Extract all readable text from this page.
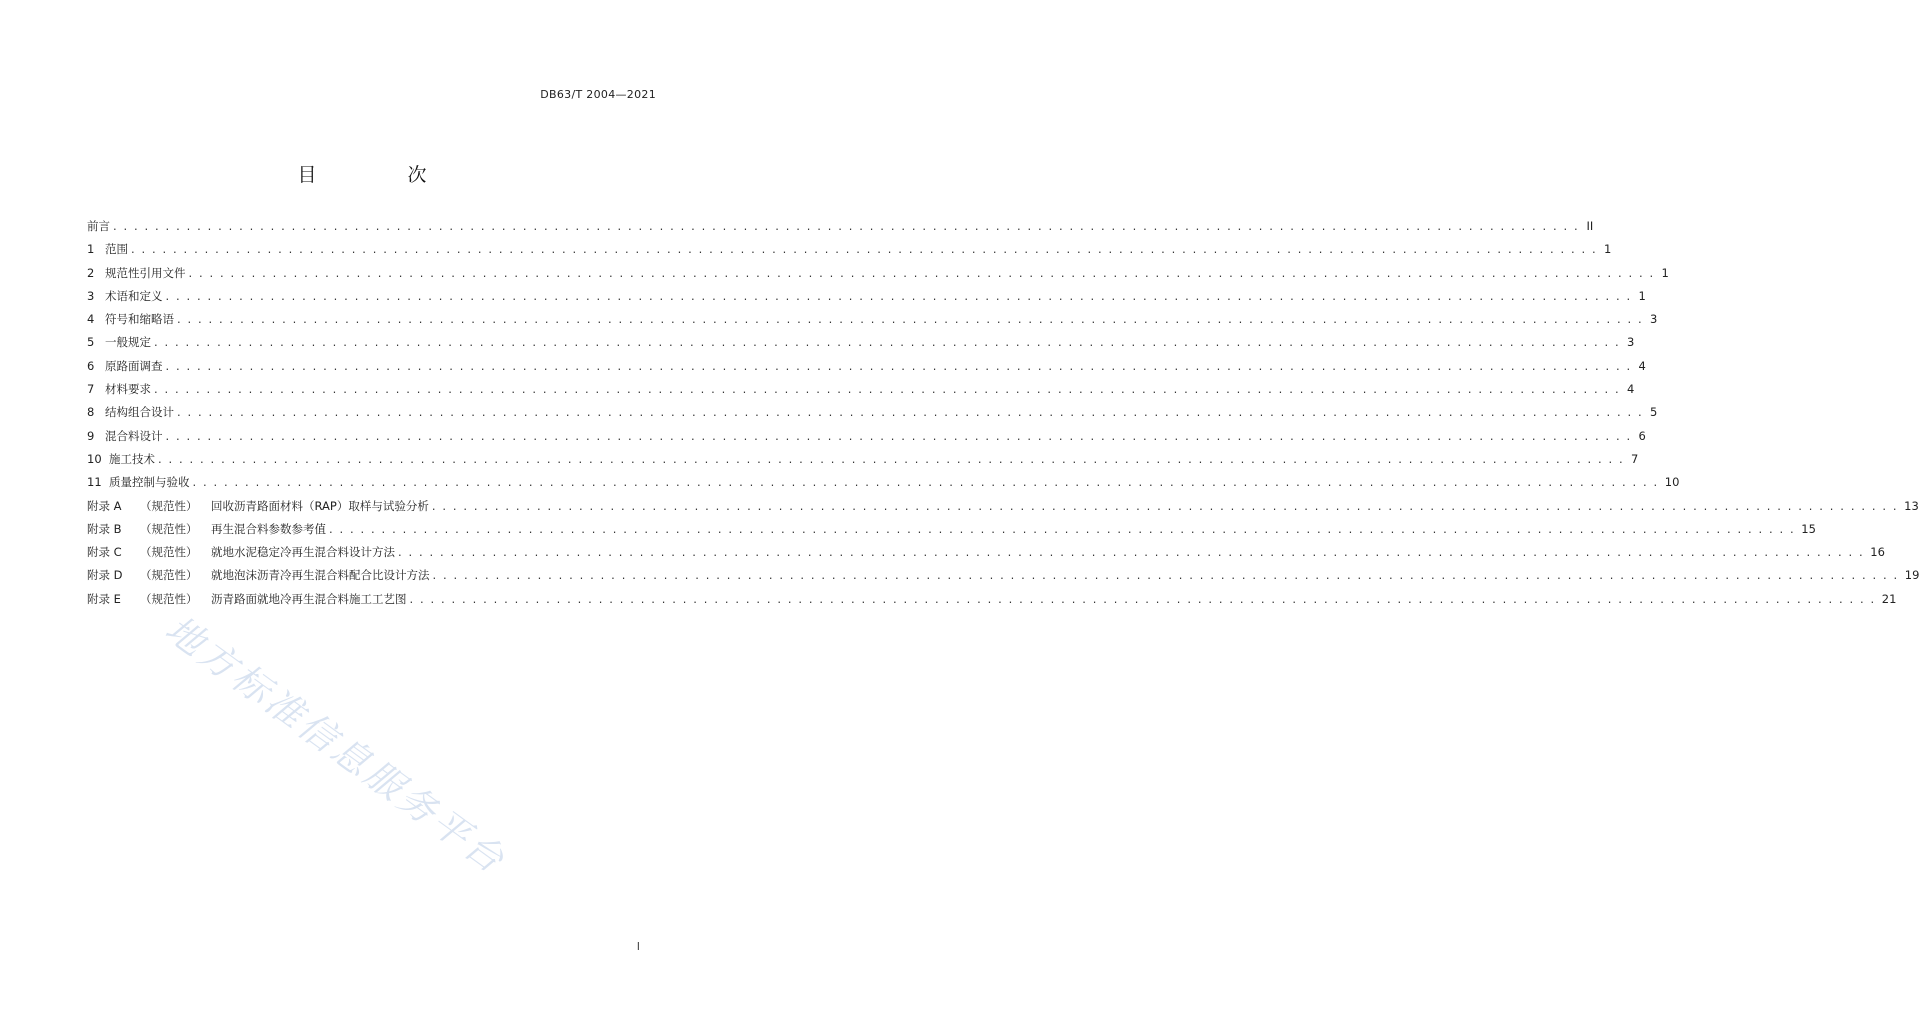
DB63/T 2004—2021
目　次
前言 . . . . . . . . . . . . . . . . . . . . . . . . . . . . . . . . . . . . . . . . . . . . . . . . . . . . . . . . . . . . . . . . . . . . . . . . . . . . . . . . . . . . . . . . . . . . . . . . . . . . . . . . . . . . . . . . . . . . . . . . . . . . . . . . . . . . . . . . . . . . II
1 范围 . . . . . . . . . . . . . . . . . . . . . . . . . . . . . . . . . . . . . . . . . . . . . . . . . . . . . . . . . . . . . . . . . . . . . . . . . . . . . . . . . . . . . . . . . . . . . . . . . . . . . . . . . . . . . . . . . . . . . . . . . . . . . . . . . . . . . . . . . . . . 1
2 规范性引用文件 . . . . . . . . . . . . . . . . . . . . . . . . . . . . . . . . . . . . . . . . . . . . . . . . . . . . . . . . . . . . . . . . . . . . . . . . . . . . . . . . . . . . . . . . . . . . . . . . . . . . . . . . . . . . . . . . . . . . . . . . . . . . . . . . . . . . . . . . . . . . 1
3 术语和定义 . . . . . . . . . . . . . . . . . . . . . . . . . . . . . . . . . . . . . . . . . . . . . . . . . . . . . . . . . . . . . . . . . . . . . . . . . . . . . . . . . . . . . . . . . . . . . . . . . . . . . . . . . . . . . . . . . . . . . . . . . . . . . . . . . . . . . . . . . . . . 1
4 符号和缩略语 . . . . . . . . . . . . . . . . . . . . . . . . . . . . . . . . . . . . . . . . . . . . . . . . . . . . . . . . . . . . . . . . . . . . . . . . . . . . . . . . . . . . . . . . . . . . . . . . . . . . . . . . . . . . . . . . . . . . . . . . . . . . . . . . . . . . . . . . . . . . 3
5 一般规定 . . . . . . . . . . . . . . . . . . . . . . . . . . . . . . . . . . . . . . . . . . . . . . . . . . . . . . . . . . . . . . . . . . . . . . . . . . . . . . . . . . . . . . . . . . . . . . . . . . . . . . . . . . . . . . . . . . . . . . . . . . . . . . . . . . . . . . . . . . . . 3
6 原路面调查 . . . . . . . . . . . . . . . . . . . . . . . . . . . . . . . . . . . . . . . . . . . . . . . . . . . . . . . . . . . . . . . . . . . . . . . . . . . . . . . . . . . . . . . . . . . . . . . . . . . . . . . . . . . . . . . . . . . . . . . . . . . . . . . . . . . . . . . . . . . . 4
7 材料要求 . . . . . . . . . . . . . . . . . . . . . . . . . . . . . . . . . . . . . . . . . . . . . . . . . . . . . . . . . . . . . . . . . . . . . . . . . . . . . . . . . . . . . . . . . . . . . . . . . . . . . . . . . . . . . . . . . . . . . . . . . . . . . . . . . . . . . . . . . . . . 4
8 结构组合设计 . . . . . . . . . . . . . . . . . . . . . . . . . . . . . . . . . . . . . . . . . . . . . . . . . . . . . . . . . . . . . . . . . . . . . . . . . . . . . . . . . . . . . . . . . . . . . . . . . . . . . . . . . . . . . . . . . . . . . . . . . . . . . . . . . . . . . . . . . . . . 5
9 混合料设计 . . . . . . . . . . . . . . . . . . . . . . . . . . . . . . . . . . . . . . . . . . . . . . . . . . . . . . . . . . . . . . . . . . . . . . . . . . . . . . . . . . . . . . . . . . . . . . . . . . . . . . . . . . . . . . . . . . . . . . . . . . . . . . . . . . . . . . . . . . . . 6
10 施工技术 . . . . . . . . . . . . . . . . . . . . . . . . . . . . . . . . . . . . . . . . . . . . . . . . . . . . . . . . . . . . . . . . . . . . . . . . . . . . . . . . . . . . . . . . . . . . . . . . . . . . . . . . . . . . . . . . . . . . . . . . . . . . . . . . . . . . . . . . . . . . 7
11 质量控制与验收 . . . . . . . . . . . . . . . . . . . . . . . . . . . . . . . . . . . . . . . . . . . . . . . . . . . . . . . . . . . . . . . . . . . . . . . . . . . . . . . . . . . . . . . . . . . . . . . . . . . . . . . . . . . . . . . . . . . . . . . . . . . . . . . . . . . . . . . . . . . . 10
附录 A	（规范性）	回收沥青路面材料（RAP）取样与试验分析 . . . . . . . . . . . . . . . . . . . . . . . . . . . . . . . . . . . . . . . . . . . . . . . . . . . . . . . . . . . . . . . . . . . . . . . . . . . . . . . . . . . . . . . . . . . . . . . . . . . . . . . . . . . . . . . . . . . . . . . . . . . . . . . . . . . . . . . . . . . . 13
附录 B	（规范性）	再生混合料参数参考值 . . . . . . . . . . . . . . . . . . . . . . . . . . . . . . . . . . . . . . . . . . . . . . . . . . . . . . . . . . . . . . . . . . . . . . . . . . . . . . . . . . . . . . . . . . . . . . . . . . . . . . . . . . . . . . . . . . . . . . . . . . . . . . . . . . . . . . . . . . . . 15
附录 C	（规范性）	就地水泥稳定冷再生混合料设计方法 . . . . . . . . . . . . . . . . . . . . . . . . . . . . . . . . . . . . . . . . . . . . . . . . . . . . . . . . . . . . . . . . . . . . . . . . . . . . . . . . . . . . . . . . . . . . . . . . . . . . . . . . . . . . . . . . . . . . . . . . . . . . . . . . . . . . . . . . . . . . 16
附录 D	（规范性）	就地泡沫沥青冷再生混合料配合比设计方法 . . . . . . . . . . . . . . . . . . . . . . . . . . . . . . . . . . . . . . . . . . . . . . . . . . . . . . . . . . . . . . . . . . . . . . . . . . . . . . . . . . . . . . . . . . . . . . . . . . . . . . . . . . . . . . . . . . . . . . . . . . . . . . . . . . . . . . . . . . . . 19
附录 E	（规范性）	沥青路面就地冷再生混合料施工工艺图 . . . . . . . . . . . . . . . . . . . . . . . . . . . . . . . . . . . . . . . . . . . . . . . . . . . . . . . . . . . . . . . . . . . . . . . . . . . . . . . . . . . . . . . . . . . . . . . . . . . . . . . . . . . . . . . . . . . . . . . . . . . . . . . . . . . . . . . . . . . . 21
地方标准信息服务平台
I
